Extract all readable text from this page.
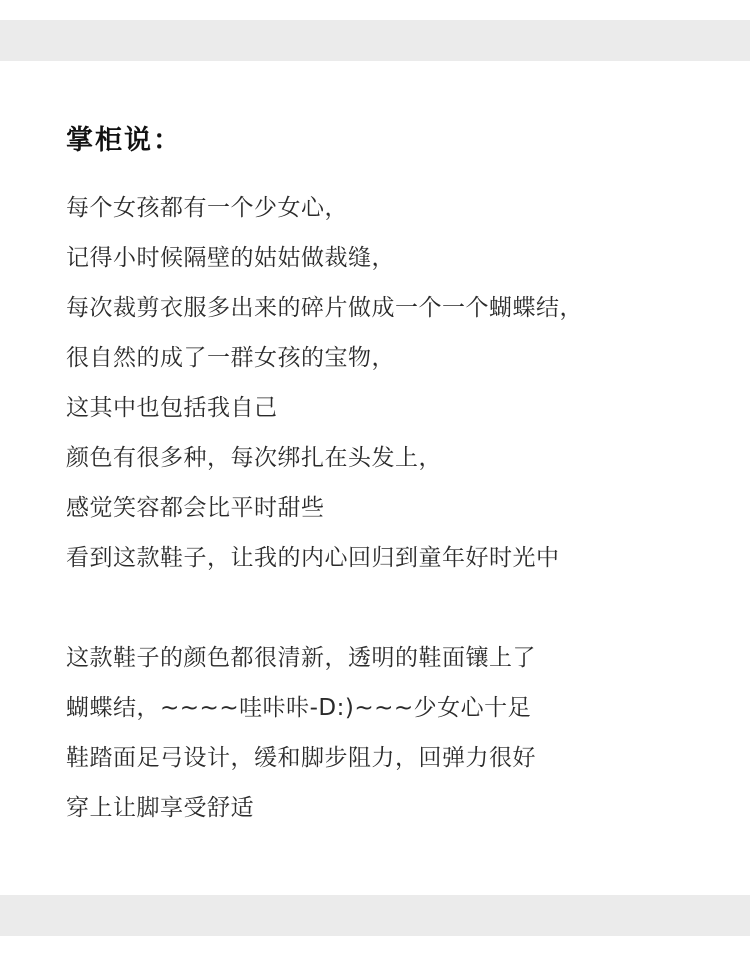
掌柜说：
每个女孩都有一个少女心，
记得小时候隔壁的姑姑做裁缝，
每次裁剪衣服多出来的碎片做成一个一个蝴蝶结，
很自然的成了一群女孩的宝物，
这其中也包括我自己
颜色有很多种，每次绑扎在头发上，
感觉笑容都会比平时甜些
看到这款鞋子，让我的内心回归到童年好时光中
这款鞋子的颜色都很清新，透明的鞋面镶上了
蝴蝶结，~~~~哇咔咔-D:)~~~少女心十足
鞋踏面足弓设计，缓和脚步阻力，回弹力很好
穿上让脚享受舒适
